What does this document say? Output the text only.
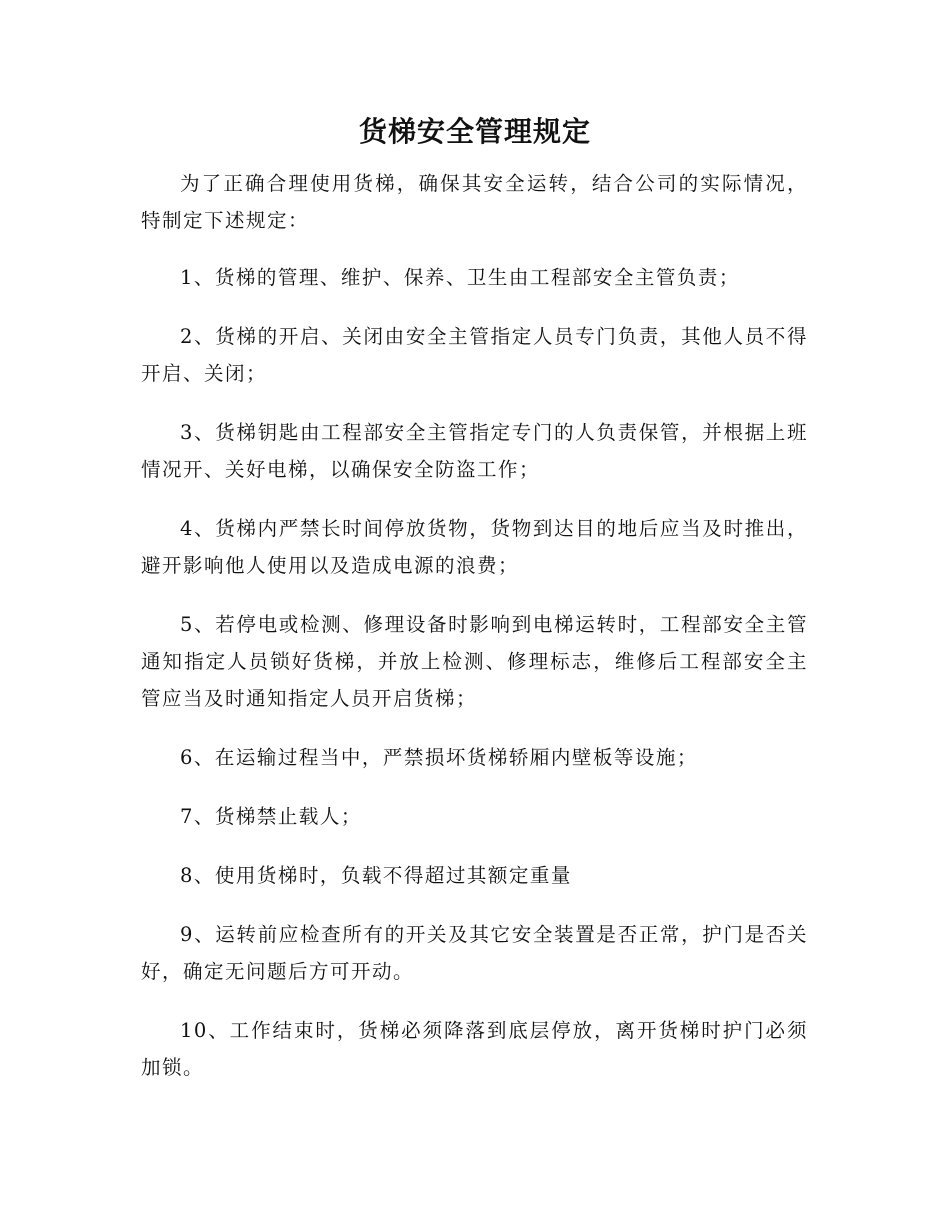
货梯安全管理规定

为了正确合理使用货梯，确保其安全运转，结合公司的实际情况，特制定下述规定：

1、货梯的管理、维护、保养、卫生由工程部安全主管负责；

2、货梯的开启、关闭由安全主管指定人员专门负责，其他人员不得开启、关闭；

3、货梯钥匙由工程部安全主管指定专门的人负责保管，并根据上班情况开、关好电梯，以确保安全防盗工作；

4、货梯内严禁长时间停放货物，货物到达目的地后应当及时推出，避开影响他人使用以及造成电源的浪费；

5、若停电或检测、修理设备时影响到电梯运转时，工程部安全主管通知指定人员锁好货梯，并放上检测、修理标志，维修后工程部安全主管应当及时通知指定人员开启货梯；

6、在运输过程当中，严禁损坏货梯轿厢内壁板等设施；

7、货梯禁止载人；

8、使用货梯时，负载不得超过其额定重量

9、运转前应检查所有的开关及其它安全装置是否正常，护门是否关好，确定无问题后方可开动。

10、工作结束时，货梯必须降落到底层停放，离开货梯时护门必须加锁。
